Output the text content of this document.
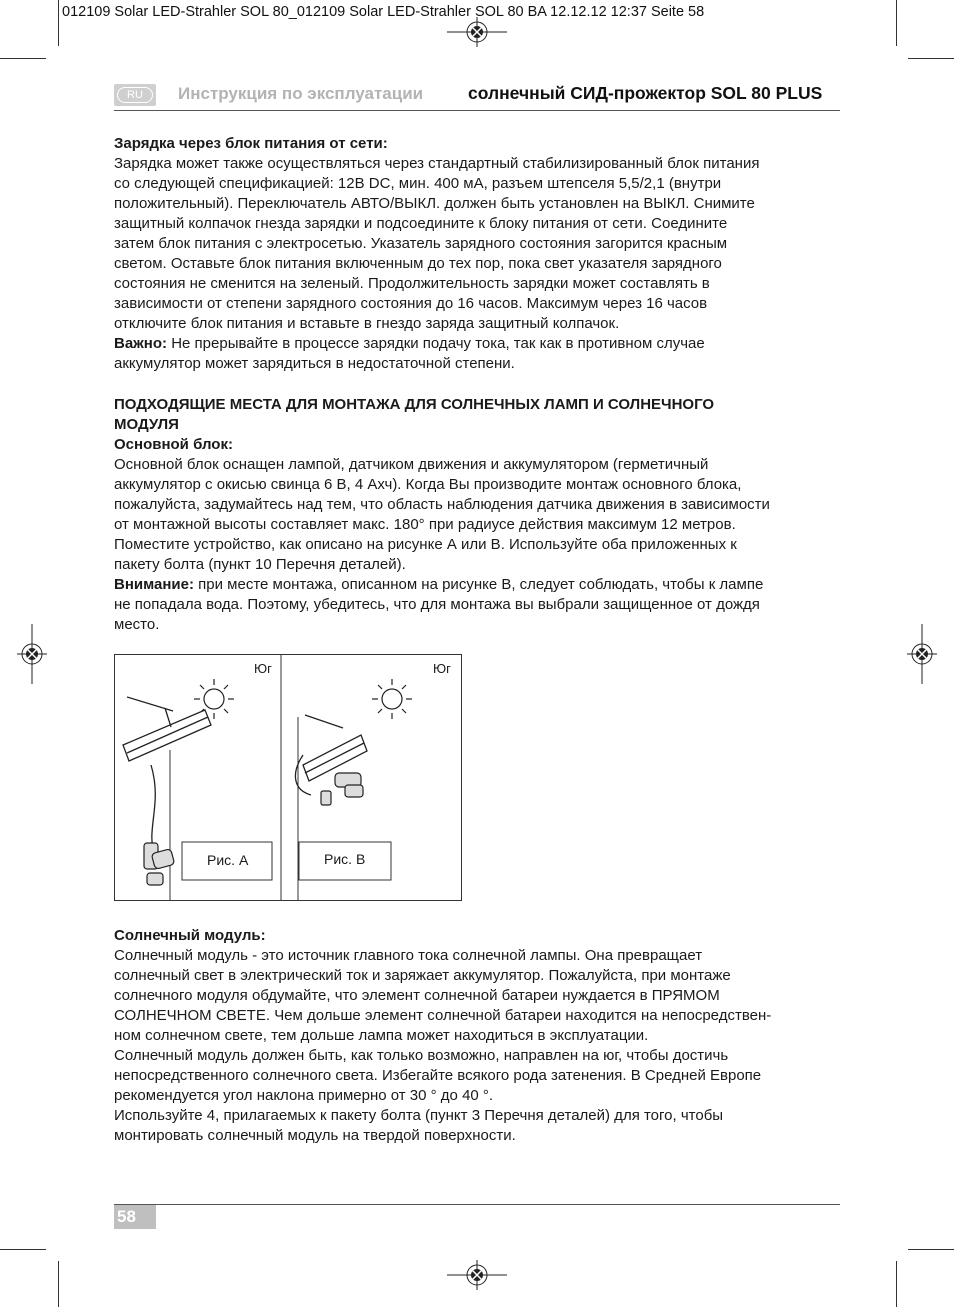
012109 Solar LED-Strahler SOL 80_012109 Solar LED-Strahler SOL 80 BA 12.12.12 12:37 Seite 58
RU	Инструкция по эксплуатации	солнечный СИД-прожектор SOL 80 PLUS

Зарядка через блок питания от сети:

Зарядка может также осуществляться через стандартный стабилизированный блок питания

со следующей спецификацией: 12В DC, мин. 400 мА, разъем штепселя 5,5/2,1 (внутри

положительный). Переключатель АВТО/ВЫКЛ. должен быть установлен на ВЫКЛ. Снимите

защитный колпачок гнезда зарядки и подсоедините к блоку питания от сети. Соедините

затем блок питания с электросетью. Указатель зарядного состояния загорится красным

светом. Оставьте блок питания включенным до тех пор, пока свет указателя зарядного

состояния не сменится на зеленый. Продолжительность зарядки может составлять в

зависимости от степени зарядного состояния до 16 часов. Максимум через 16 часов

отключите блок питания и вставьте в гнездо заряда защитный колпачок.

Важно: Не прерывайте в процессе зарядки подачу тока, так как в противном случае

аккумулятор может зарядиться в недостаточной степени.

ПОДХОДЯЩИЕ МЕСТА ДЛЯ МОНТАЖА ДЛЯ СОЛНЕЧНЫХ ЛАМП И СОЛНЕЧНОГО

МОДУЛЯ

Основной блок:

Основной блок оснащен лампой, датчиком движения и аккумулятором (герметичный

аккумулятор с окисью свинца 6 В, 4 Ахч). Когда Вы производите монтаж основного блока,

пожалуйста, задумайтесь над тем, что область наблюдения датчика движения в зависимости

от монтажной высоты составляет макс. 180° при радиусе действия максимум 12 метров.

Поместите устройство, как описано на рисунке А или В. Используйте оба приложенных к

пакету болта (пункт 10 Перечня деталей).

Внимание: при месте монтажа, описанном на рисунке В, следует соблюдать, чтобы к лампе

не попадала вода. Поэтому, убедитесь, что для монтажа вы выбрали защищенное от дождя

место.

Юг	Юг
Рис. А	Рис. В

Солнечный модуль:

Солнечный модуль - это источник главного тока солнечной лампы. Она превращает

солнечный свет в электрический ток и заряжает аккумулятор. Пожалуйста, при монтаже

солнечного модуля обдумайте, что элемент солнечной батареи нуждается в ПРЯМОМ

СОЛНЕЧНОМ СВЕТЕ. Чем дольше элемент солнечной батареи находится на непосредствен-

ном солнечном свете, тем дольше лампа может находиться в эксплуатации.

Солнечный модуль должен быть, как только возможно, направлен на юг, чтобы достичь

непосредственного солнечного света. Избегайте всякого рода затенения. В Средней Европе

рекомендуется угол наклона примерно от 30 ° до 40 °.

Используйте 4, прилагаемых к пакету болта (пункт 3 Перечня деталей) для того, чтобы

монтировать солнечный модуль на твердой поверхности.

58
